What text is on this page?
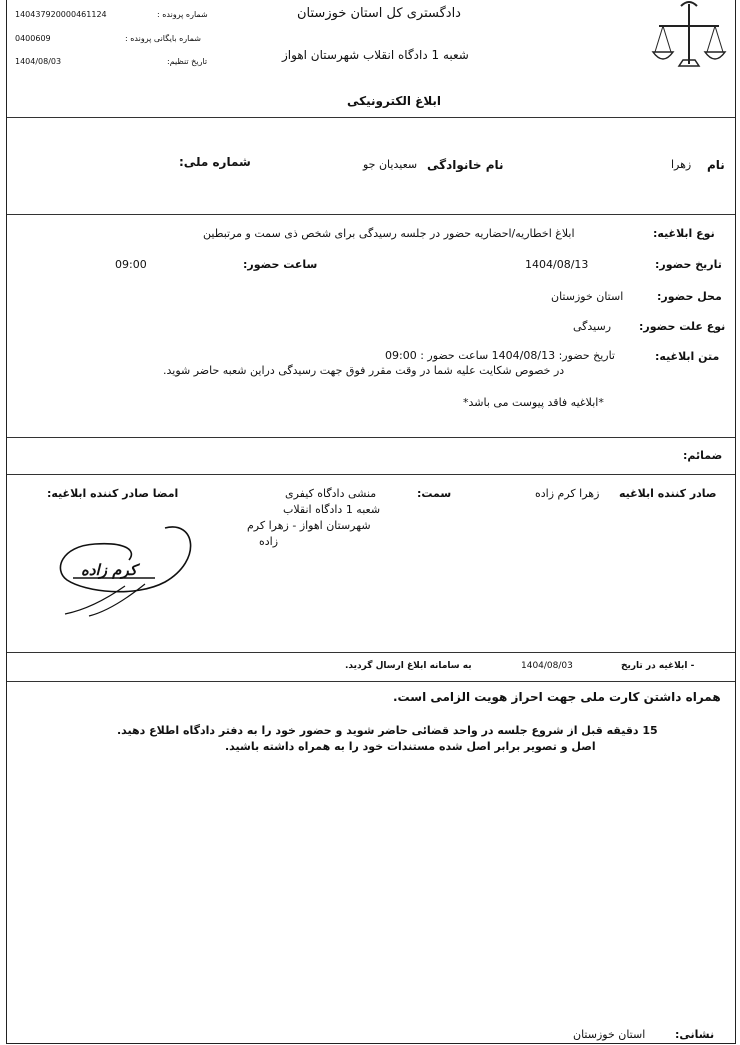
140437920000461124	شماره پرونده :
0400609	شماره بایگانی پرونده :
1404/08/03	تاریخ تنظیم:
دادگستری کل استان خوزستان
شعبه 1 دادگاه انقلاب شهرستان اهواز
ابلاغ الکترونیکی
نام
زهرا
نام خانوادگی
سعیدیان جو
شماره ملی:
نوع ابلاغیه:
ابلاغ اخطاریه/احضاریه حضور در جلسه رسیدگی برای شخص ذی سمت و مرتبطین
تاریخ حضور:
1404/08/13
ساعت حضور:
09:00
محل حضور:
استان خوزستان
نوع علت حضور:
رسیدگی
متن ابلاغیه:
تاریخ حضور: 1404/08/13 ساعت حضور : 09:00
در خصوص شکایت علیه شما در وقت مقرر فوق جهت رسیدگی دراین شعبه حاضر شوید.
*ابلاغیه فاقد پیوست می باشد*
ضمائم:
صادر کننده ابلاغیه
زهرا کرم زاده
سمت:
منشی دادگاه کیفری
شعبه 1 دادگاه انقلاب
شهرستان اهواز - زهرا کرم
زاده
امضا صادر کننده ابلاغیه:
کرم زاده
- ابلاغیه در تاریخ
1404/08/03
به سامانه ابلاغ ارسال گردید.
همراه داشتن کارت ملی جهت احراز هویت الزامی است.
15 دقیقه قبل از شروع جلسه در واحد قضائی حاضر شوید و حضور خود را به دفتر دادگاه اطلاع دهید.
اصل و تصویر برابر اصل شده مستندات خود را به همراه داشته باشید.
نشانی:
استان خوزستان
